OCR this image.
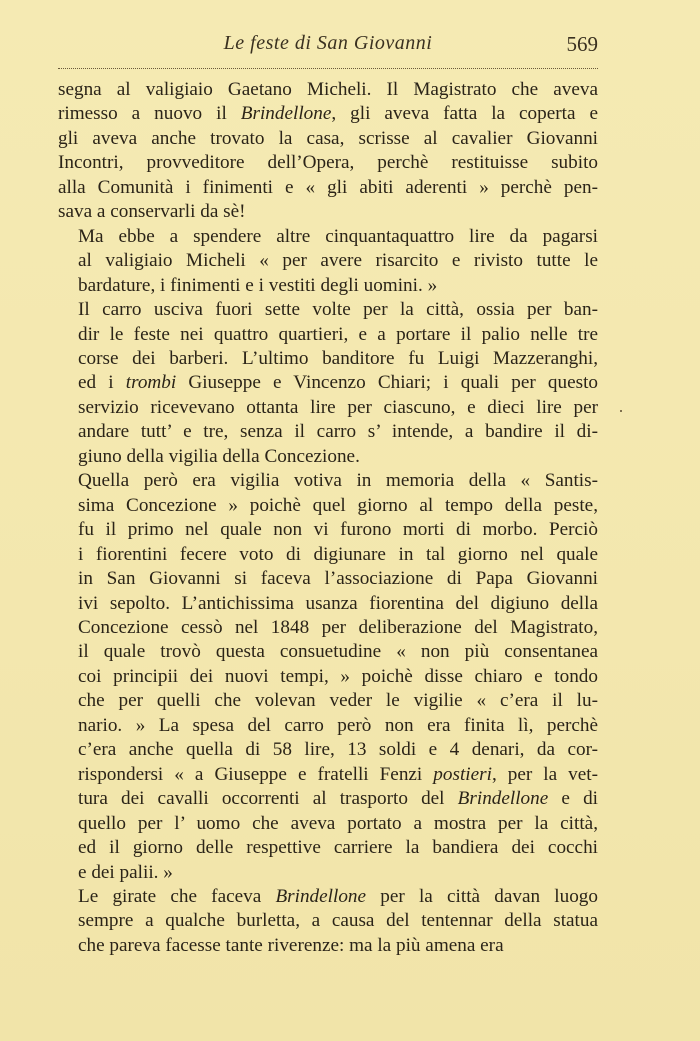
Le feste di San Giovanni	569

segna al valigiaio Gaetano Micheli. Il Magistrato che aveva
rimesso a nuovo il Brindellone, gli aveva fatta la coperta e
gli aveva anche trovato la casa, scrisse al cavalier Giovanni
Incontri, provveditore dell’Opera, perchè restituisse subito
alla Comunità i finimenti e « gli abiti aderenti » perchè pen-
sava a conservarli da sè!

Ma ebbe a spendere altre cinquantaquattro lire da pagarsi
al valigiaio Micheli « per avere risarcito e rivisto tutte le
bardature, i finimenti e i vestiti degli uomini. »

Il carro usciva fuori sette volte per la città, ossia per ban-
dir le feste nei quattro quartieri, e a portare il palio nelle tre
corse dei barberi. L’ultimo banditore fu Luigi Mazzeranghi,
ed i trombi Giuseppe e Vincenzo Chiari; i quali per questo
servizio ricevevano ottanta lire per ciascuno, e dieci lire per
andare tutt’ e tre, senza il carro s’ intende, a bandire il di-
giuno della vigilia della Concezione.

Quella però era vigilia votiva in memoria della « Santis-
sima Concezione » poichè quel giorno al tempo della peste,
fu il primo nel quale non vi furono morti di morbo. Perciò
i fiorentini fecere voto di digiunare in tal giorno nel quale
in San Giovanni si faceva l’associazione di Papa Giovanni
ivi sepolto. L’antichissima usanza fiorentina del digiuno della
Concezione cessò nel 1848 per deliberazione del Magistrato,
il quale trovò questa consuetudine « non più consentanea
coi principii dei nuovi tempi, » poichè disse chiaro e tondo
che per quelli che volevan veder le vigilie « c’era il lu-
nario. » La spesa del carro però non era finita lì, perchè
c’era anche quella di 58 lire, 13 soldi e 4 denari, da cor-
rispondersi « a Giuseppe e fratelli Fenzi postieri, per la vet-
tura dei cavalli occorrenti al trasporto del Brindellone e di
quello per l’ uomo che aveva portato a mostra per la città,
ed il giorno delle respettive carriere la bandiera dei cocchi
e dei palii. »

Le girate che faceva Brindellone per la città davan luogo
sempre a qualche burletta, a causa del tentennar della statua
che pareva facesse tante riverenze: ma la più amena era
